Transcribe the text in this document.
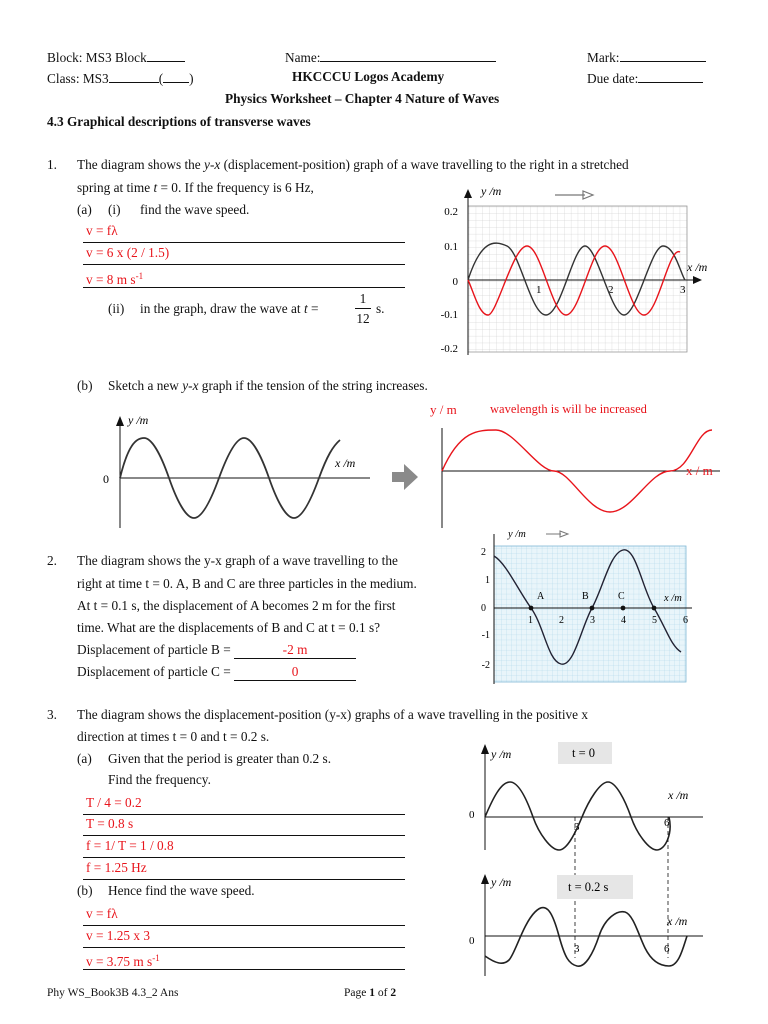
Block: MS3 Block	Name:	Mark:
Class: MS3	( )	HKCCCU Logos Academy	Due date:
Physics Worksheet – Chapter 4 Nature of Waves
4.3 Graphical descriptions of transverse waves
1. The diagram shows the y-x (displacement-position) graph of a wave travelling to the right in a stretched
spring at time t = 0. If the frequency is 6 Hz,
(a) (i) find the wave speed.
v = fλ
v = 6 x (2 / 1.5)
v = 8 m $s^{-1}$
(ii) in the graph, draw the wave at t =
1
12
s.
y /m
x /m
0.2
0.1
0
-0.1
-0.2
1	2	3
(b) Sketch a new y-x graph if the tension of the string increases.
y /m
x /m
0
y / m	wavelength is will be increased
x / m
2. The diagram shows the y-x graph of a wave travelling to the
right at time t = 0. A, B and C are three particles in the medium.
At t = 0.1 s, the displacement of A becomes 2 m for the first
time. What are the displacements of B and C at t = 0.1 s?
Displacement of particle B =	-2 m
Displacement of particle C =	0
y /m
x /m
2
1
0
-1
-2
1	2	3	4	5	6
A	B	C
3. The diagram shows the displacement-position (y-x) graphs of a wave travelling in the positive x
direction at times t = 0 and t = 0.2 s.
(a) Given that the period is greater than 0.2 s.
Find the frequency.
T / 4 = 0.2
T = 0.8 s
f = 1/ T = 1 / 0.8
f = 1.25 Hz
(b) Hence find the wave speed.
v = fλ
v = 1.25 x 3
v = 3.75 m $s^{-1}$
y /m	t = 0
x /m
0
3	6
y /m	t = 0.2 s
x /m
0
3	6
Phy WS_Book3B 4.3_2 Ans	Page 1 of 2
